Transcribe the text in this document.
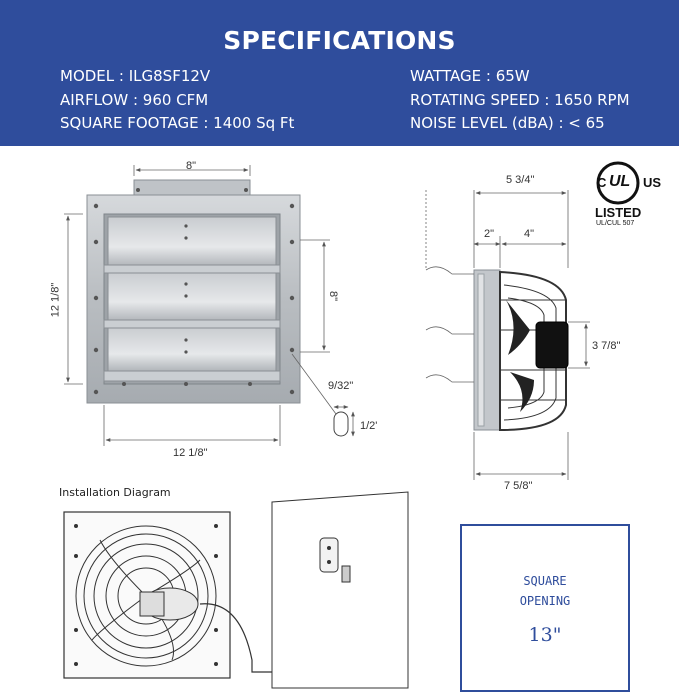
SPECIFICATIONS
MODEL : ILG8SF12V
AIRFLOW : 960 CFM
SQUARE FOOTAGE : 1400 Sq Ft
WATTAGE : 65W
ROTATING SPEED : 1650 RPM
NOISE LEVEL (dBA) : < 65
C UL US
LISTED
UL/CUL 507
8"
12 1/8"	8"
12 1/8"
9/32"
1/2'
5 3/4"
2"	4"
3 7/8"
7 5/8"
Installation Diagram
SQUARE
OPENING
13"
